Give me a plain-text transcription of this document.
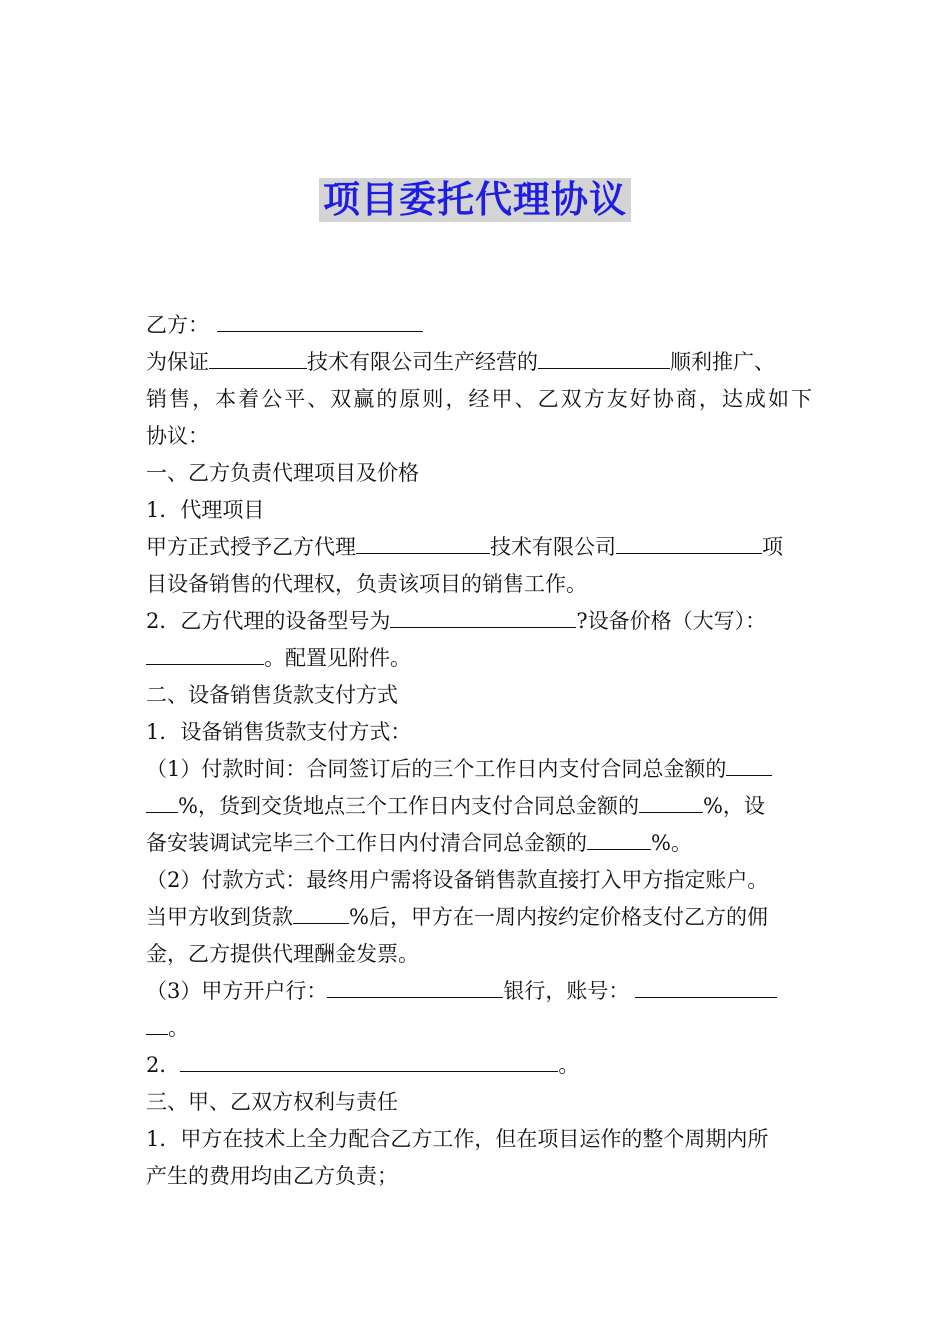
项目委托代理协议
乙方：
为保证	技术有限公司生产经营的	顺利推广、
销售，本着公平、双赢的原则，经甲、乙双方友好协商，达成如下
协议：
一、乙方负责代理项目及价格
1．代理项目
甲方正式授予乙方代理	技术有限公司	项
目设备销售的代理权，负责该项目的销售工作。
2．乙方代理的设备型号为	?设备价格（大写）：
。配置见附件。
二、设备销售货款支付方式
1．设备销售货款支付方式：
（1）付款时间：合同签订后的三个工作日内支付合同总金额的
%，货到交货地点三个工作日内支付合同总金额的	%，设
备安装调试完毕三个工作日内付清合同总金额的	%。
（2）付款方式：最终用户需将设备销售款直接打入甲方指定账户。
当甲方收到货款	%后，甲方在一周内按约定价格支付乙方的佣
金，乙方提供代理酬金发票。
（3）甲方开户行：	银行，账号：
。
2．	。
三、甲、乙双方权利与责任
1．甲方在技术上全力配合乙方工作，但在项目运作的整个周期内所
产生的费用均由乙方负责；
